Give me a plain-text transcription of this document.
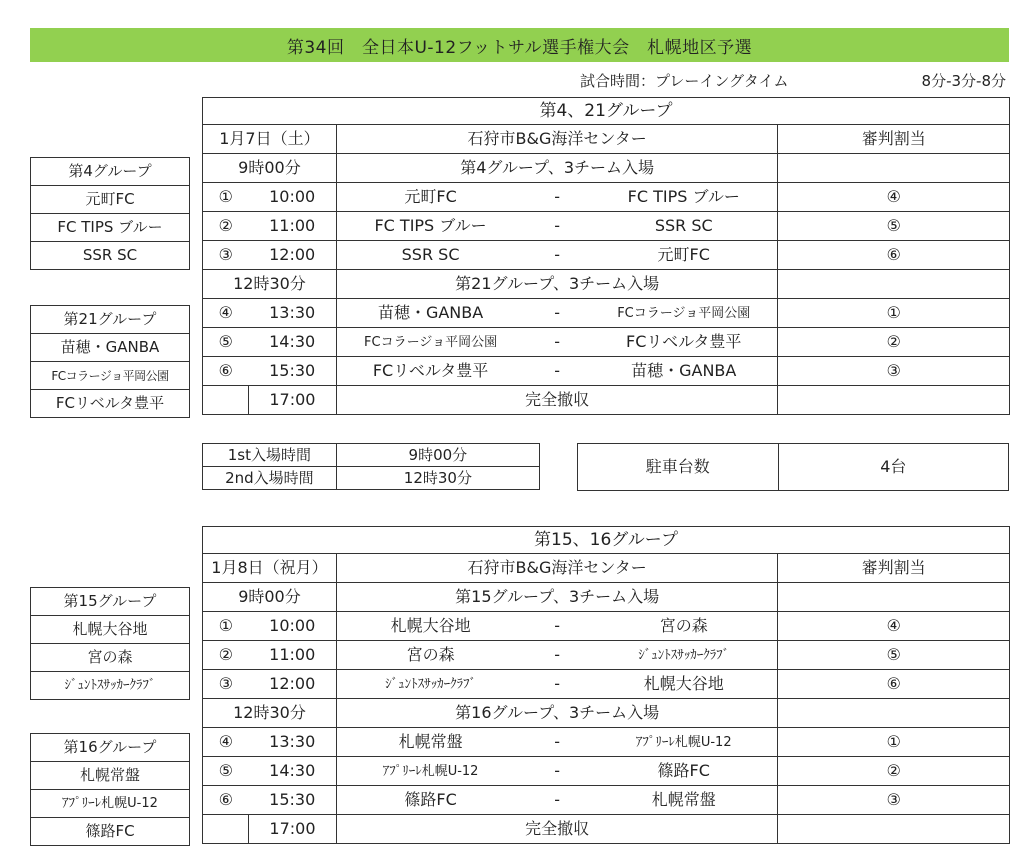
第34回　全日本U-12フットサル選手権大会　札幌地区予選
試合時間：プレーイングタイム	8分-3分-8分
第4、21グループ					
1月7日（土）		石狩市B&G海洋センター			審判割当
9時00分		第4グループ、3チーム入場			
①	10:00	元町FC	-	FC TIPS ブルー	④
②	11:00	FC TIPS ブルー	-	SSR SC	⑤
③	12:00	SSR SC	-	元町FC	⑥
12時30分		第21グループ、3チーム入場			
④	13:30	苗穂・GANBA	-	FCコラージョ平岡公園	①
⑤	14:30	FCコラージョ平岡公園	-	FCリベルタ豊平	②
⑥	15:30	FCリベルタ豊平	-	苗穂・GANBA	③
	17:00	完全撤収			
第4グループ
元町FC
FC TIPS ブルー
SSR SC
第21グループ
苗穂・GANBA
FCコラージョ平岡公園
FCリベルタ豊平
1st入場時間	9時00分
2nd入場時間	12時30分
駐車台数	4台
第15、16グループ					
1月8日（祝月）		石狩市B&G海洋センター			審判割当
9時00分		第15グループ、3チーム入場			
①	10:00	札幌大谷地	-	宮の森	④
②	11:00	宮の森	-	ｼﾞｭﾝﾄｽｻｯｶｰｸﾗﾌﾞ	⑤
③	12:00	ｼﾞｭﾝﾄｽｻｯｶｰｸﾗﾌﾞ	-	札幌大谷地	⑥
12時30分		第16グループ、3チーム入場			
④	13:30	札幌常盤	-	ｱﾌﾟﾘｰﾚ札幌U-12	①
⑤	14:30	ｱﾌﾟﾘｰﾚ札幌U-12	-	篠路FC	②
⑥	15:30	篠路FC	-	札幌常盤	③
	17:00	完全撤収			
第15グループ
札幌大谷地
宮の森
ｼﾞｭﾝﾄｽｻｯｶｰｸﾗﾌﾞ
第16グループ
札幌常盤
ｱﾌﾟﾘｰﾚ札幌U-12
篠路FC
